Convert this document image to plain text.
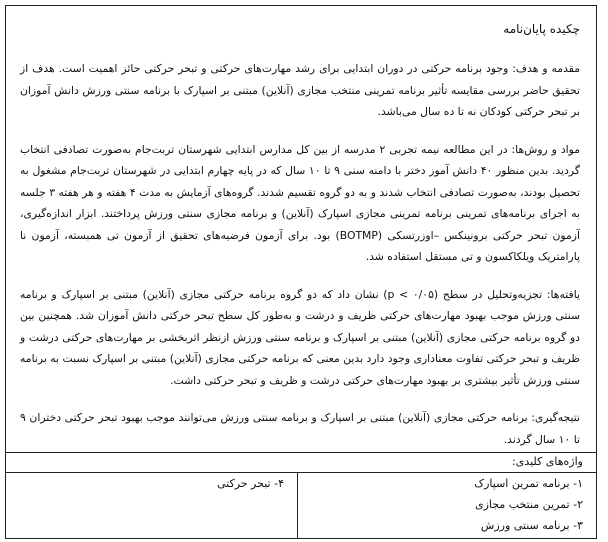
چکیده پایان‌نامه

مقدمه و هدف: وجود برنامه حرکتی در دوران ابتدایی برای رشد مهارت‌های حرکتی و تبحر حرکتی حائز اهمیت است. هدف از تحقیق حاضر بررسی مقایسه تأثیر برنامه تمرینی منتخب مجازی (آنلاین) مبتنی بر اسپارک با برنامه سنتی ورزش دانش آموزان بر تبحر حرکتی کودکان نه تا ده سال می‌باشد.

مواد و روش‌ها: در این مطالعه نیمه تجربی ۲ مدرسه از بین کل مدارس ابتدایی شهرستان تربت‌جام به‌صورت تصادفی انتخاب گردید. بدین منظور ۴۰ دانش آموز دختر با دامنه سنی ۹ تا ۱۰ سال که در پایه چهارم ابتدایی در شهرستان تربت‌جام مشغول به تحصیل بودند، به‌صورت تصادفی انتخاب شدند و به دو گروه تقسیم شدند. گروه‌های آزمایش به مدت ۴ هفته و هر هفته ۳ جلسه به اجرای برنامه‌های تمرینی برنامه تمرینی مجازی اسپارک (آنلاین) و برنامه مجازی سنتی ورزش پرداختند. ابزار اندازه‌گیری، آزمون تبحر حرکتی برونینکس –اوزرتسکی (BOTMP) بود. برای آزمون فرضیه‌های تحقیق از آزمون تی همبسته، آزمون نا پارامتریک ویلکاکسون و تی مستقل استفاده شد.

یافته‌ها: تجزیه‌وتحلیل در سطح (p < ۰/۰۵) نشان داد که دو گروه برنامه حرکتی مجازی (آنلاین) مبتنی بر اسپارک و برنامه سنتی ورزش موجب بهبود مهارت‌های حرکتی ظریف و درشت و به‌طور کل سطح تبحر حرکتی دانش آموزان شد. همچنین بین دو گروه برنامه حرکتی مجازی (آنلاین) مبتنی بر اسپارک و برنامه سنتی ورزش ازنظر اثربخشی بر مهارت‌های حرکتی درشت و ظریف و تبحر حرکتی تفاوت معناداری وجود دارد بدین معنی که برنامه حرکتی مجازی (آنلاین) مبتنی بر اسپارک نسبت به برنامه سنتی ورزش تأثیر بیشتری بر بهبود مهارت‌های حرکتی درشت و ظریف و تبحر حرکتی داشت.

نتیجه‌گیری: برنامه حرکتی مجازی (آنلاین) مبتنی بر اسپارک و برنامه سنتی ورزش می‌توانند موجب بهبود تبحر حرکتی دختران ۹ تا ۱۰ سال گردند.

واژه‌های کلیدی:
۱- برنامه تمرین اسپارک
۲- تمرین منتخب مجازی
۳- برنامه سنتی ورزش
۴- تبحر حرکتی
